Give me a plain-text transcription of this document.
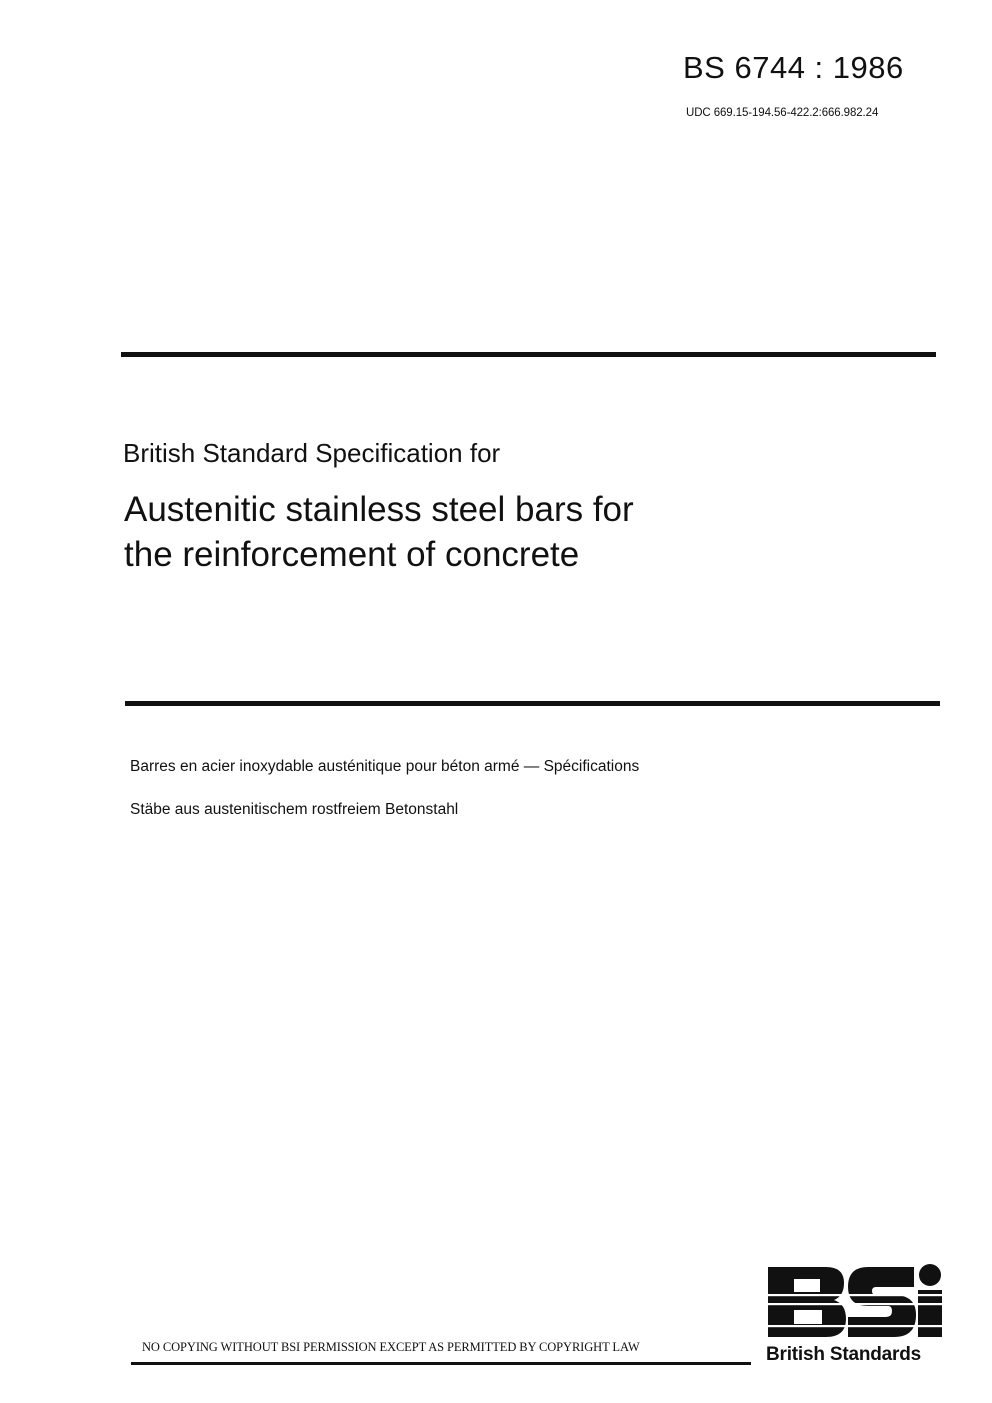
BS 6744 : 1986
UDC 669.15-194.56-422.2:666.982.24
British Standard Specification for
Austenitic stainless steel bars for
the reinforcement of concrete
Barres en acier inoxydable austénitique pour béton armé — Spécifications
Stäbe aus austenitischem rostfreiem Betonstahl
NO COPYING WITHOUT BSI PERMISSION EXCEPT AS PERMITTED BY COPYRIGHT LAW	British Standards
